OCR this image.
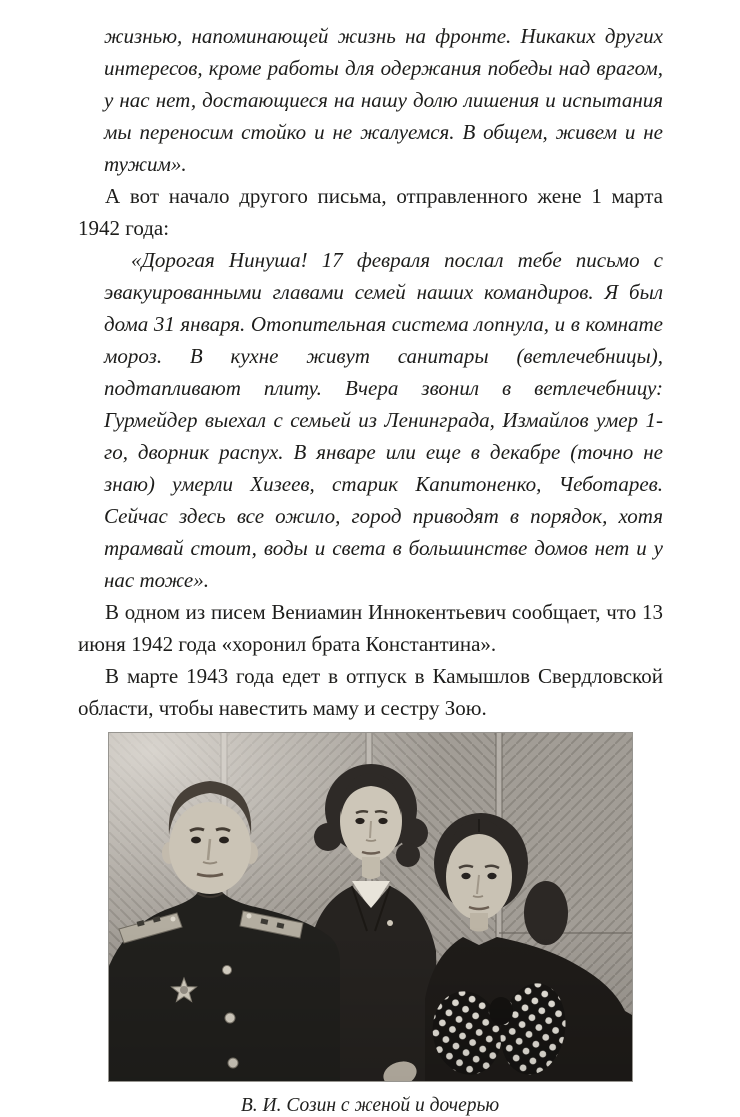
жизнью, напоминающей жизнь на фронте. Никаких других интересов, кроме работы для одержания победы над врагом, у нас нет, достающиеся на нашу долю лишения и испытания мы переносим стойко и не жалуемся. В общем, живем и не тужим».

А вот начало другого письма, отправленного жене 1 марта 1942 года:

«Дорогая Нинуша! 17 февраля послал тебе письмо с эвакуированными главами семей наших командиров. Я был дома 31 января. Отопительная система лопнула, и в комнате мороз. В кухне живут санитары (ветлечебницы), подтапливают плиту. Вчера звонил в ветлечебницу: Гурмейдер выехал с семьей из Ленинграда, Измайлов умер 1-го, дворник распух. В январе или еще в декабре (точно не знаю) умерли Хизеев, старик Капитоненко, Чеботарев. Сейчас здесь все ожило, город приводят в порядок, хотя трамвай стоит, воды и света в большинстве домов нет и у нас тоже».

В одном из писем Вениамин Иннокентьевич сообщает, что 13 июня 1942 года «хоронил брата Константина».

В марте 1943 года едет в отпуск в Камышлов Свердловской области, чтобы навестить маму и сестру Зою.

В. И. Созин с женой и дочерью
